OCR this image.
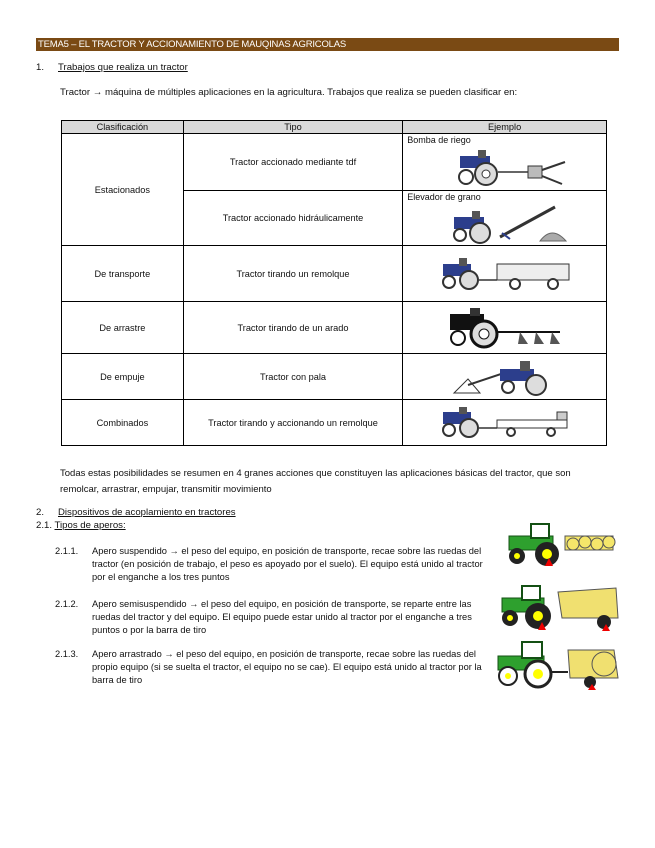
TEMA5 – EL TRACTOR Y ACCIONAMIENTO DE MAUQINAS AGRICOLAS
1. Trabajos que realiza un tractor
Tractor → máquina de múltiples aplicaciones en la agricultura. Trabajos que realiza se pueden clasificar en:
Clasificación	Tipo	Ejemplo
Estacionados	Tractor accionado mediante tdf	Bomba de riego

	Tractor accionado hidráulicamente	Elevador de grano

De transporte	Tractor tirando un remolque	

De arrastre	Tractor tirando de un arado	

De empuje	Tractor con pala	

Combinados	Tractor tirando y accionando un remolque	
Todas estas posibilidades se resumen en 4 granes acciones que constituyen las aplicaciones básicas del tractor, que son remolcar, arrastrar, empujar, transmitir movimiento
2. Dispositivos de acoplamiento en tractores
2.1. Tipos de aperos:
2.1.1. Apero suspendido → el peso del equipo, en posición de transporte, recae sobre las ruedas del tractor (en posición de trabajo, el peso es apoyado por el suelo). El equipo está unido al tractor por el enganche a los tres puntos
2.1.2. Apero semisuspendido → el peso del equipo, en posición de transporte, se reparte entre las ruedas del tractor y del equipo. El equipo puede estar unido al tractor por el enganche a tres puntos o por la barra de tiro
2.1.3. Apero arrastrado → el peso del equipo, en posición de transporte, recae sobre las ruedas del propio equipo (si se suelta el tractor, el equipo no se cae). El equipo está unido al tractor por la barra de tiro
